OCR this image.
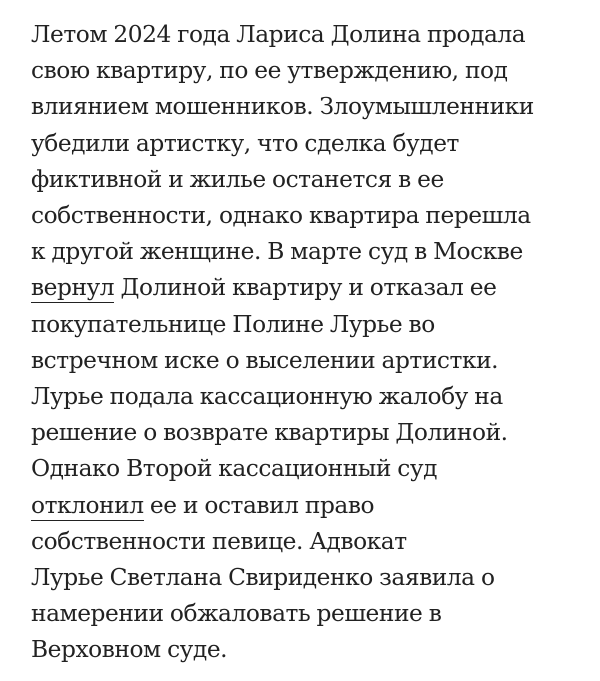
Летом 2024 года Лариса Долина продала
свою квартиру, по ее утверждению, под
влиянием мошенников. Злоумышленники
убедили артистку, что сделка будет
фиктивной и жилье останется в ее
собственности, однако квартира перешла
к другой женщине. В марте суд в Москве
вернул Долиной квартиру и отказал ее
покупательнице Полине Лурье во
встречном иске о выселении артистки.
Лурье подала кассационную жалобу на
решение о возврате квартиры Долиной.
Однако Второй кассационный суд
отклонил ее и оставил право
собственности певице. Адвокат
Лурье Светлана Свириденко заявила о
намерении обжаловать решение в
Верховном суде.
